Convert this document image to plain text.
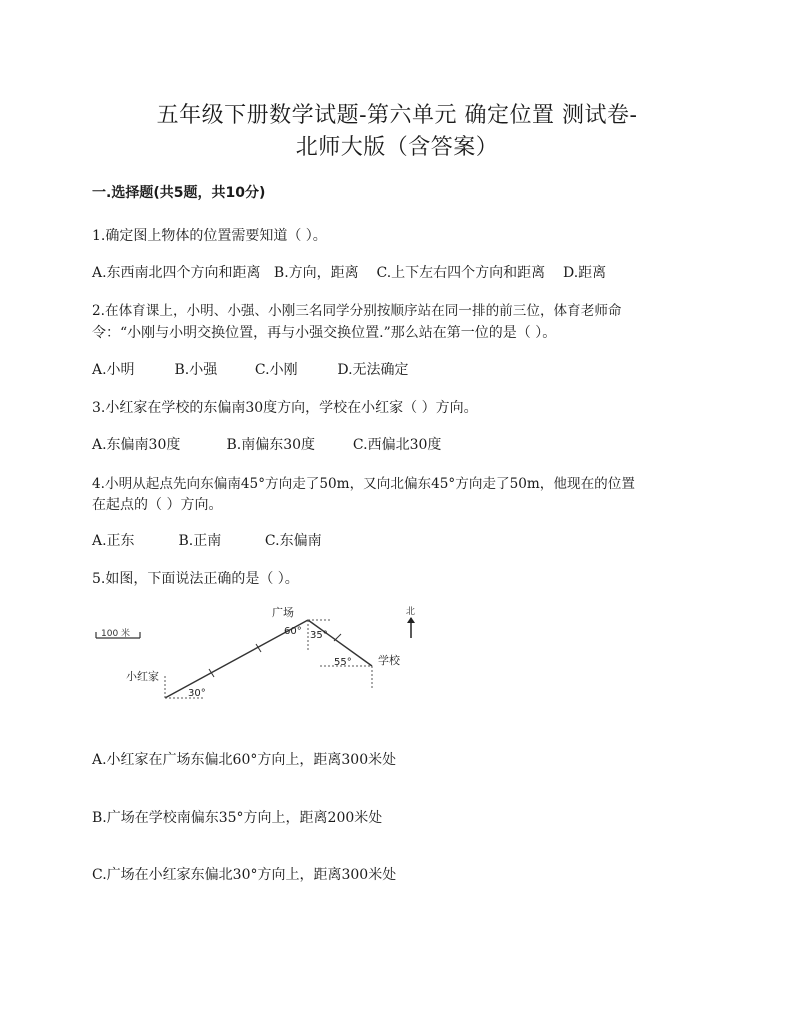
五年级下册数学试题-第六单元 确定位置 测试卷-
北师大版（含答案）
一.选择题(共5题，共10分)
1.确定图上物体的位置需要知道（ ）。
A.东西南北四个方向和距离 B.方向，距离 C.上下左右四个方向和距离 D.距离
2.在体育课上，小明、小强、小刚三名同学分别按顺序站在同一排的前三位，体育老师命
令：“小刚与小明交换位置，再与小强交换位置.”那么站在第一位的是（ ）。
A.小明	B.小强	C.小刚	D.无法确定
3.小红家在学校的东偏南30度方向，学校在小红家（ ）方向。
A.东偏南30度	B.南偏东30度	C.西偏北30度
4.小明从起点先向东偏南45°方向走了50m，又向北偏东45°方向走了50m，他现在的位置
在起点的（ ）方向。
A.正东	B.正南	C.东偏南
5.如图，下面说法正确的是（ ）。
100 米
广场
学校
小红家
30°
60° 35°
55°
北
A.小红家在广场东偏北60°方向上，距离300米处
B.广场在学校南偏东35°方向上，距离200米处
C.广场在小红家东偏北30°方向上，距离300米处
